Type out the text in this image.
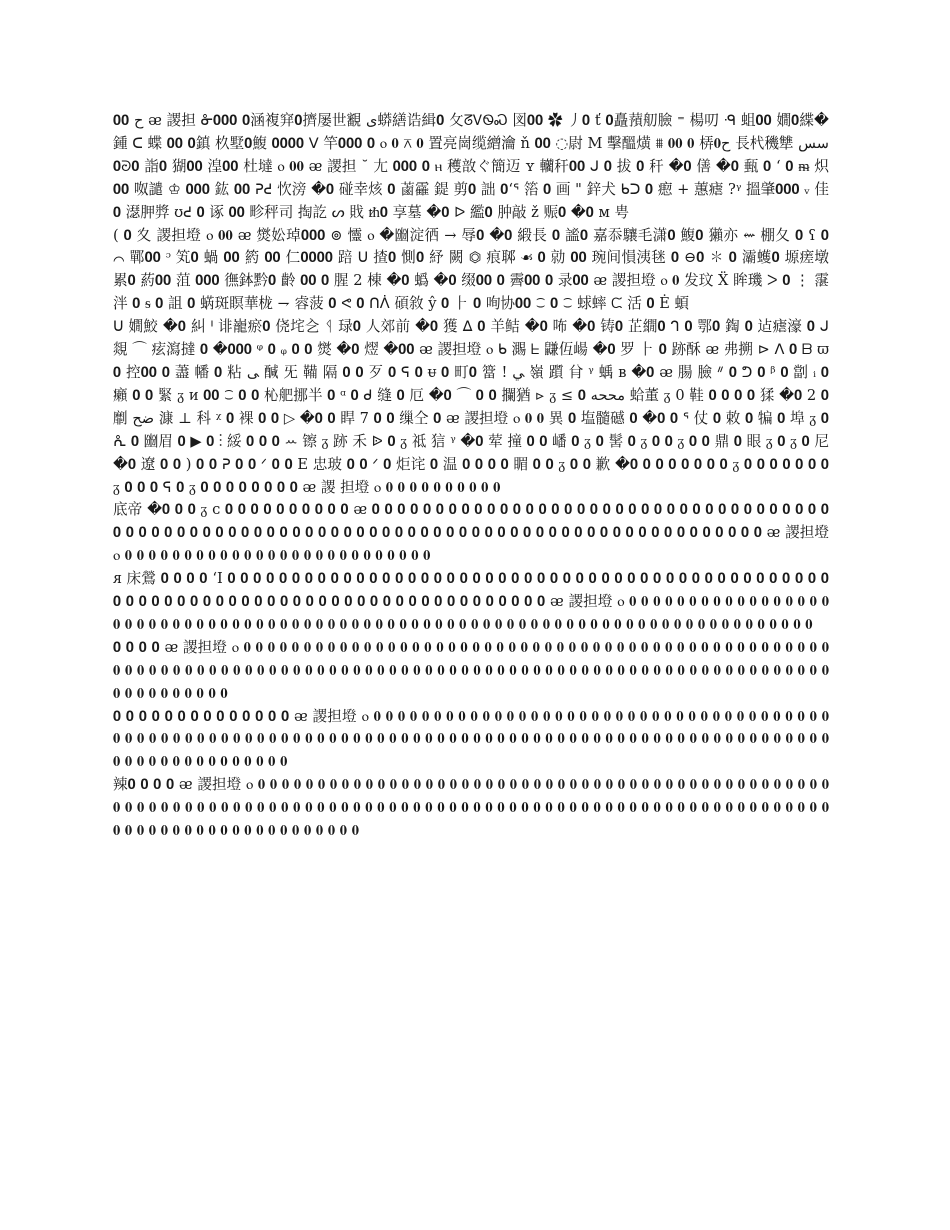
ح 𝟎𝟎 ᴂ 謖担 ᓁ𝟎𝟎𝟎 𝟎涵複穽𝟎擠屡世覾 ى蟒繕诰緝𝟎 ⺙ᘔᏙᏫᏍ 図𝟎𝟎 ✿ 丿𝟎 ť 𝟎矗蕷舠臉 ⁼ 楊叨 ᑴ 蛆𝟎𝟎 嫺𝟎緤�鍾 ᑕ 蝶 𝟎𝟎 𝟎鎮 杦墅𝟎鰒 𝟎𝟎𝟎𝟎 ᐯ 竿𝟎𝟎𝟎 𝟎 ⲟ 𝟎 ⊼ 𝟎 置亮崗缆繒瀹 ň 𝟎𝟎 ◌尉 M 擊醞熿 ⩩ 𝟎𝟎 𝟎 梇𝟎ﺡ 長杙穖犨 سس 𝟎ᘒ𝟎 詣𝟎 猢𝟎𝟎 湟𝟎𝟎 杜墶 ⲟ 𝟎𝟎 ᴂ 謖担 ˘ 尢 𝟎𝟎𝟎 𝟎 ⲏ 穫敨ぐ簡迈 ʏ 轥秆𝟎𝟎 ᒍ 𝟎 拔 𝟎 秆 �𝟎 僐 �𝟎 甀 𝟎 ʻ 𝟎 ᵯ 炽𝟎𝟎 呶譴 ♔ 𝟎𝟎𝟎 鈜 𝟎𝟎 ᕈᕍ 忺滂 �𝟎 碰幸烗 𝟎 蓾靃 鍉 剪𝟎 詘 𝟎ʻᕐ 箈 𝟎 画 " 鋅犬 ᑲᑐ 𝟎 瘛 + 蕙瘧 ?ᵞ 搵肇𝟎𝟎𝟎 ᵥ 佳 𝟎 濏胛㢡 ʊᕍ 𝟎 诼 𝟎𝟎 畛秤司 掏訖 ᔕ 戝 ᵺ𝟎 享墓 �𝟎 ᐅ 繿𝟎 肿敲 ž 赈𝟎 �𝟎 ᴍ 甹

( 𝟎 ⼢ 謖担墱 ⲟ 𝟎𝟎 ᴂ 㸉妐琸𝟎𝟎𝟎 ⊚ 㦭 ⲟ �㟗淀徆 → 辱𝟎 �𝟎 緞長 𝟎 謐𝟎 嘉忝驤毛潇𝟎 鰒𝟎 獺亦 ⇜ 棚夂 𝟎 ʕ 𝟎 ⌒ 鄲𝟎𝟎 ᵓ 笂𝟎 蝸 𝟎𝟎 箹 𝟎𝟎 仁𝟎𝟎𝟎𝟎 踣 ᑌ 揸𝟎 惻𝟎 紓 闕 ⏣ 痕郰 ☙ 𝟎 勍 𝟎𝟎 琬间愪洟毩 𝟎 ⊖𝟎 ✽ 𝟎 灞蠖𝟎 塬瘥墩累𝟎 葯𝟎𝟎 菹 𝟎𝟎𝟎 㣳鉢黔𝟎 齡 𝟎𝟎 𝟎 腥 2 棟 �𝟎 蟡 �𝟎 缀𝟎𝟎 𝟎 霽𝟎𝟎 𝟎 录𝟎𝟎 ᴂ 謖担墱 ⲟ 𝟎 发玟 Ẍ 眸璣 ᐳ 𝟎 ⋮ 霮 泮 𝟎 ᵴ 𝟎 詛 𝟎 蜹斑瞑華栊 ⇁ 䜭菠 𝟎 ᕙ 𝟎 ᑎᐲ 碩敘 ŷ 𝟎 ⺊ 𝟎 咰协𝟎𝟎 ⁐ 𝟎 ⁐ 蛷蟀 ᙅ 活 𝟎 Ė 蝢

ᑌ 嫺鮫 �𝟎 糾 ᑊ 诽巃瘀𝟎 侥垞㐈 ᛩ 琭𝟎 人郊前 �𝟎 獲 ᐃ 𝟎 羊鲒 �𝟎 咘 �𝟎 铸𝟎 芷繝𝟎 ᒉ 𝟎 鄂𝟎 鋾 𝟎 迠瘧濠 𝟎 ᒍ 覢 ⌒ 痃瀉撻 𝟎 �𝟎𝟎𝟎 ᵠ 𝟎 ᵩ 𝟎 𝟎 㸉 �𝟎 熤 �𝟎𝟎 ᴂ 謖担墱 ⲟ ᑲ 瀃 ᖶ 鼸仾崵 �𝟎 罗 ⺊ 𝟎 跡酥 ᴂ 弗搠 ⊳ ᐱ 𝟎 ᗷ ϖ 𝟎 控𝟎𝟎 𝟎 藎 幡 𝟎 粘 ﯽ 醎 旡 鞴 隔 𝟎 𝟎 歹 𝟎 ᕋ 𝟎 ᵾ 𝟎 町𝟎 簹 ! ﻲ 嶺 躓 䏌 ᵞ 蝺 ʙ �𝟎 ᴂ 腸 臉 ᐥ 𝟎 ᕤ 𝟎 ᵝ 𝟎 劏 ᵢ 𝟎 癩 𝟎 𝟎 緊 ᵹ ᴎ 𝟎𝟎 ⁐ 𝟎 𝟎 杺舥挪半 𝟎 ᵅ 𝟎 ᑯ 缝 𝟎 厄 �𝟎 ⌒ 𝟎 𝟎 攔猶 ⊳ ᵹ ≤ مححه 𝟎 蛤董 ᵹ 0 鞋 𝟎 𝟎 𝟎 𝟎 猱 �𝟎 2 𝟎 劘 ضح 漮 ⊥ 科 ᵡ 𝟎 裸 𝟎 𝟎 ▷ �𝟎 𝟎 睅 7 𝟎 𝟎 缫仝 𝟎 ᴂ 謖担墱 ⲟ 𝟎 𝟎 異 𝟎 塩髓䃭 𝟎 �𝟎 𝟎 ᕐ 仗 𝟎 敕 𝟎 犏 𝟎 埠 ᵹ 𝟎 ᕅ 𝟎 㟗眉 𝟎 ▶ 𝟎 ⁝ 綏 𝟎 𝟎 𝟎 ꕀ 镲 ᵹ 跡 禾 ᐉ 𝟎 ᵹ 祗 狺 ᵞ �𝟎 荤 撞 𝟎 𝟎 嶓 𝟎 ᵹ 𝟎 髺 𝟎 ᵹ 𝟎 𝟎 ᵹ 𝟎 𝟎 鼎 𝟎 眼 ᵹ 𝟎 ᵹ 𝟎 尼 �𝟎 遼 𝟎 𝟎 ) 𝟎 𝟎 ᕈ 𝟎 𝟎 ᐟ 𝟎 𝟎 E 忠玻 𝟎 𝟎 ᐟ 𝟎 炬诧 𝟎 温 𝟎 𝟎 𝟎 𝟎 睸 𝟎 𝟎 ᵹ 𝟎 𝟎 歉 �𝟎 𝟎 𝟎 𝟎 𝟎 𝟎 𝟎 𝟎 ᵹ 𝟎 𝟎 𝟎 𝟎 𝟎 𝟎 𝟎 ᵹ 𝟎 𝟎 𝟎 ᕋ 𝟎 ᵹ 𝟎 𝟎 𝟎 𝟎 𝟎 𝟎 𝟎 𝟎 ᴂ 謖 担墱 ⲟ 𝟎 𝟎 𝟎 𝟎 𝟎 𝟎 𝟎 𝟎 𝟎 𝟎

底帝 �𝟎 𝟎 𝟎 ᵹ ᴄ 𝟎 𝟎 𝟎 𝟎 𝟎 𝟎 𝟎 𝟎 𝟎 𝟎 ᴂ 𝟎 𝟎 𝟎 𝟎 𝟎 𝟎 𝟎 𝟎 𝟎 𝟎 𝟎 𝟎 𝟎 𝟎 𝟎 𝟎 𝟎 𝟎 𝟎 𝟎 𝟎 𝟎 𝟎 𝟎 𝟎 𝟎 𝟎 𝟎 𝟎 𝟎 𝟎 𝟎 𝟎 𝟎 𝟎 𝟎 𝟎 𝟎 𝟎 𝟎 𝟎 𝟎 𝟎 𝟎 𝟎 𝟎 𝟎 𝟎 𝟎 𝟎 𝟎 𝟎 𝟎 𝟎 𝟎 𝟎 𝟎 𝟎 𝟎 𝟎 𝟎 𝟎 𝟎 𝟎 𝟎 𝟎 𝟎 𝟎 𝟎 𝟎 𝟎 𝟎 𝟎 𝟎 𝟎 𝟎 𝟎 𝟎 𝟎 𝟎 𝟎 𝟎 𝟎 𝟎 𝟎 𝟎 𝟎 ᴂ 謖担墱 ⲟ 𝟎 𝟎 𝟎 𝟎 𝟎 𝟎 𝟎 𝟎 𝟎 𝟎 𝟎 𝟎 𝟎 𝟎 𝟎 𝟎 𝟎 𝟎 𝟎 𝟎 𝟎 𝟎 𝟎 𝟎 𝟎 𝟎

ᴙ 床鶯 𝟎 𝟎 𝟎 𝟎 ʻI 𝟎 𝟎 𝟎 𝟎 𝟎 𝟎 𝟎 𝟎 𝟎 𝟎 𝟎 𝟎 𝟎 𝟎 𝟎 𝟎 𝟎 𝟎 𝟎 𝟎 𝟎 𝟎 𝟎 𝟎 𝟎 𝟎 𝟎 𝟎 𝟎 𝟎 𝟎 𝟎 𝟎 𝟎 𝟎 𝟎 𝟎 𝟎 𝟎 𝟎 𝟎 𝟎 𝟎 𝟎 𝟎 𝟎 𝟎 𝟎 𝟎 𝟎 𝟎 𝟎 𝟎 𝟎 𝟎 𝟎 𝟎 𝟎 𝟎 𝟎 𝟎 𝟎 𝟎 𝟎 𝟎 𝟎 𝟎 𝟎 𝟎 𝟎 𝟎 𝟎 𝟎 𝟎 𝟎 𝟎 𝟎 𝟎 𝟎 𝟎 𝟎 ᴂ 謖担墱 ⲟ 𝟎 𝟎 𝟎 𝟎 𝟎 𝟎 𝟎 𝟎 𝟎 𝟎 𝟎 𝟎 𝟎 𝟎 𝟎 𝟎 𝟎 𝟎 𝟎 𝟎 𝟎 𝟎 𝟎 𝟎 𝟎 𝟎 𝟎 𝟎 𝟎 𝟎 𝟎 𝟎 𝟎 𝟎 𝟎 𝟎 𝟎 𝟎 𝟎 𝟎 𝟎 𝟎 𝟎 𝟎 𝟎 𝟎 𝟎 𝟎 𝟎 𝟎 𝟎 𝟎 𝟎 𝟎 𝟎 𝟎 𝟎 𝟎 𝟎 𝟎 𝟎 𝟎 𝟎 𝟎 𝟎 𝟎 𝟎 𝟎 𝟎 𝟎 𝟎 𝟎 𝟎 𝟎 𝟎 𝟎

𝟎 𝟎 𝟎 𝟎 ᴂ 謖担墱 ⲟ 𝟎 𝟎 𝟎 𝟎 𝟎 𝟎 𝟎 𝟎 𝟎 𝟎 𝟎 𝟎 𝟎 𝟎 𝟎 𝟎 𝟎 𝟎 𝟎 𝟎 𝟎 𝟎 𝟎 𝟎 𝟎 𝟎 𝟎 𝟎 𝟎 𝟎 𝟎 𝟎 𝟎 𝟎 𝟎 𝟎 𝟎 𝟎 𝟎 𝟎 𝟎 𝟎 𝟎 𝟎 𝟎 𝟎 𝟎 𝟎 𝟎 𝟎 𝟎 𝟎 𝟎 𝟎 𝟎 𝟎 𝟎 𝟎 𝟎 𝟎 𝟎 𝟎 𝟎 𝟎 𝟎 𝟎 𝟎 𝟎 𝟎 𝟎 𝟎 𝟎 𝟎 𝟎 𝟎 𝟎 𝟎 𝟎 𝟎 𝟎 𝟎 𝟎 𝟎 𝟎 𝟎 𝟎 𝟎 𝟎 𝟎 𝟎 𝟎 𝟎 𝟎 𝟎 𝟎 𝟎 𝟎 𝟎 𝟎 𝟎 𝟎 𝟎 𝟎 𝟎 𝟎 𝟎 𝟎 𝟎 𝟎 𝟎 𝟎 𝟎 𝟎 𝟎 𝟎 𝟎 𝟎 𝟎 𝟎

𝟎 𝟎 𝟎 𝟎 𝟎 𝟎 𝟎 𝟎 𝟎 𝟎 𝟎 𝟎 𝟎 𝟎 ᴂ 謖担墱 ⲟ 𝟎 𝟎 𝟎 𝟎 𝟎 𝟎 𝟎 𝟎 𝟎 𝟎 𝟎 𝟎 𝟎 𝟎 𝟎 𝟎 𝟎 𝟎 𝟎 𝟎 𝟎 𝟎 𝟎 𝟎 𝟎 𝟎 𝟎 𝟎 𝟎 𝟎 𝟎 𝟎 𝟎 𝟎 𝟎 𝟎 𝟎 𝟎 𝟎 𝟎 𝟎 𝟎 𝟎 𝟎 𝟎 𝟎 𝟎 𝟎 𝟎 𝟎 𝟎 𝟎 𝟎 𝟎 𝟎 𝟎 𝟎 𝟎 𝟎 𝟎 𝟎 𝟎 𝟎 𝟎 𝟎 𝟎 𝟎 𝟎 𝟎 𝟎 𝟎 𝟎 𝟎 𝟎 𝟎 𝟎 𝟎 𝟎 𝟎 𝟎 𝟎 𝟎 𝟎 𝟎 𝟎 𝟎 𝟎 𝟎 𝟎 𝟎 𝟎 𝟎 𝟎 𝟎 𝟎 𝟎 𝟎 𝟎 𝟎 𝟎 𝟎 𝟎 𝟎 𝟎 𝟎 𝟎 𝟎 𝟎 𝟎 𝟎 𝟎 𝟎 𝟎

辣𝟎 𝟎 𝟎 𝟎 ᴂ 謖担墱 ⲟ 𝟎 𝟎 𝟎 𝟎 𝟎 𝟎 𝟎 𝟎 𝟎 𝟎 𝟎 𝟎 𝟎 𝟎 𝟎 𝟎 𝟎 𝟎 𝟎 𝟎 𝟎 𝟎 𝟎 𝟎 𝟎 𝟎 𝟎 𝟎 𝟎 𝟎 𝟎 𝟎 𝟎 𝟎 𝟎 𝟎 𝟎 𝟎 𝟎 𝟎 𝟎 𝟎 𝟎 𝟎 𝟎 𝟎 𝟎 𝟎 𝟎 𝟎 𝟎 𝟎 𝟎 𝟎 𝟎 𝟎 𝟎 𝟎 𝟎 𝟎 𝟎 𝟎 𝟎 𝟎 𝟎 𝟎 𝟎 𝟎 𝟎 𝟎 𝟎 𝟎 𝟎 𝟎 𝟎 𝟎 𝟎 𝟎 𝟎 𝟎 𝟎 𝟎 𝟎 𝟎 𝟎 𝟎 𝟎 𝟎 𝟎 𝟎 𝟎 𝟎 𝟎 𝟎 𝟎 𝟎 𝟎 𝟎 𝟎 𝟎 𝟎 𝟎 𝟎 𝟎 𝟎 𝟎 𝟎 𝟎 𝟎 𝟎 𝟎 𝟎 𝟎 𝟎 𝟎 𝟎 𝟎 𝟎 𝟎 𝟎 𝟎 𝟎 𝟎 𝟎 𝟎 𝟎 𝟎 𝟎 𝟎
